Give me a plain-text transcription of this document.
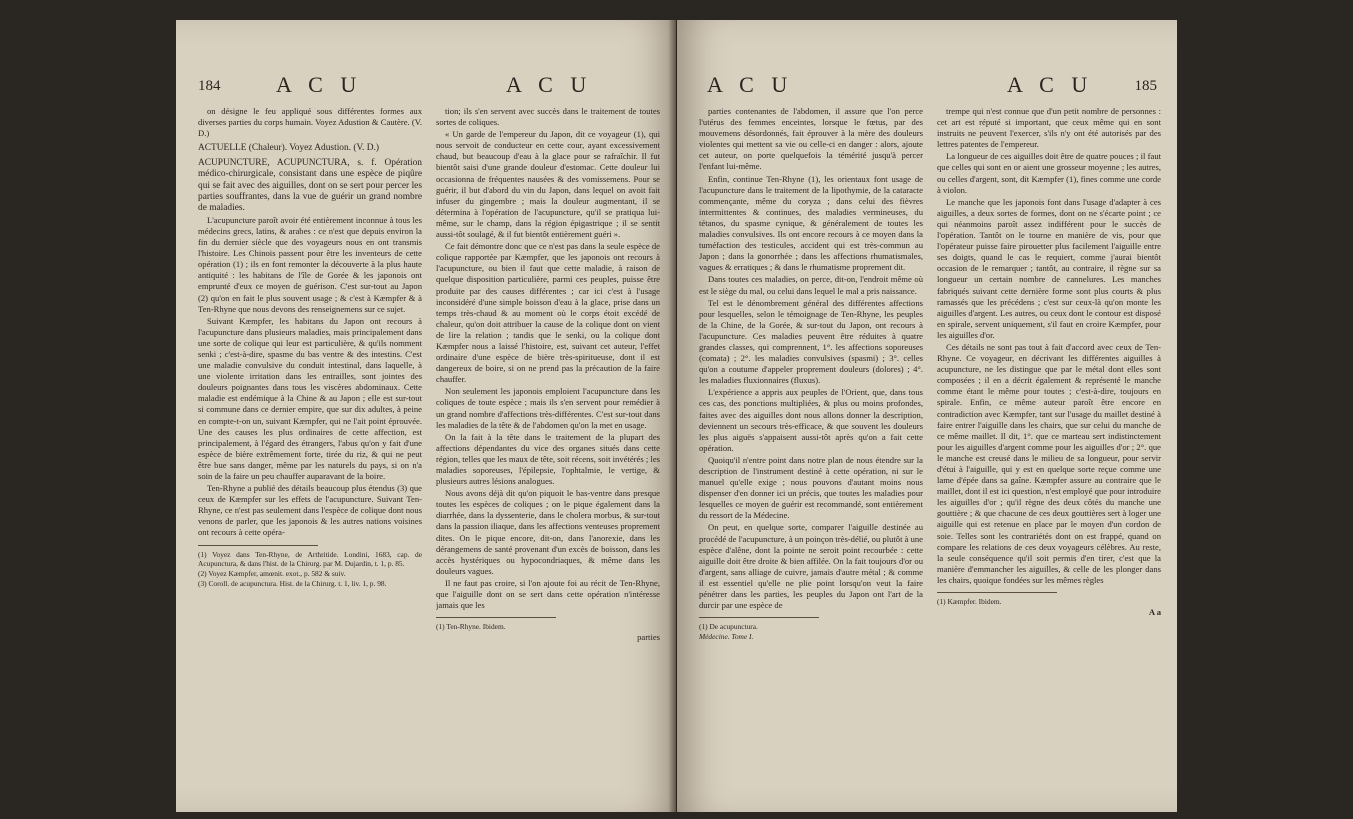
184	A C U	A C U

on désigne le feu appliqué sous différentes formes aux diverses parties du corps humain. Voyez Adustion & Cautère. (V. D.)

ACTUELLE (Chaleur). Voyez Adustion. (V. D.)

ACUPUNCTURE, ACUPUNCTURA, s. f. Opération médico-chirurgicale, consistant dans une espèce de piqûre qui se fait avec des aiguilles, dont on se sert pour percer les parties souffrantes, dans la vue de guérir un grand nombre de maladies.

L'acupuncture paroît avoir été entièrement inconnue à tous les médecins grecs, latins, & arabes : ce n'est que depuis environ la fin du dernier siècle que des voyageurs nous en ont transmis l'histoire. Les Chinois passent pour être les inventeurs de cette opération (1) ; ils en font remonter la découverte à la plus haute antiquité : les habitans de l'île de Gorée & les japonois ont emprunté d'eux ce moyen de guérison. C'est sur-tout au Japon (2) qu'on en fait le plus souvent usage ; & c'est à Kæmpfer & à Ten-Rhyne que nous devons des renseignemens sur ce sujet.

Suivant Kæmpfer, les habitans du Japon ont recours à l'acupuncture dans plusieurs maladies, mais principalement dans une sorte de colique qui leur est particulière, & qu'ils nomment senki ; c'est-à-dire, spasme du bas ventre & des intestins. C'est une maladie convulsive du conduit intestinal, dans laquelle, à une violente irritation dans les entrailles, sont jointes des douleurs poignantes dans tous les viscères abdominaux. Cette maladie est endémique à la Chine & au Japon ; elle est sur-tout si commune dans ce dernier empire, que sur dix adultes, à peine en compte-t-on un, suivant Kæmpfer, qui ne l'ait point éprouvée. Une des causes les plus ordinaires de cette affection, est principalement, à l'égard des étrangers, l'abus qu'on y fait d'une espèce de bière extrêmement forte, tirée du riz, & qui ne peut être bue sans danger, même par les naturels du pays, si on n'a soin de la faire un peu chauffer auparavant de la boire.

Ten-Rhyne a publié des détails beaucoup plus étendus (3) que ceux de Kæmpfer sur les effets de l'acupuncture. Suivant Ten-Rhyne, ce n'est pas seulement dans l'espèce de colique dont nous venons de parler, que les japonois & les autres nations voisines ont recours à cette opéra-

(1) Voyez dans Ten-Rhyne, de Arthritide. Londini, 1683, cap. de Acupunctura, & dans l'hist. de la Chirurg. par M. Dujardin, t. 1, p. 85.

(2) Voyez Kæmpfer, amœnit. exot., p. 582 & suiv.

(3) Coroll. de acupunctura. Hist. de la Chirurg. t. 1, liv. 1, p. 98.

tion; ils s'en servent avec succès dans le traitement de toutes sortes de coliques.

« Un garde de l'empereur du Japon, dit ce voyageur (1), qui nous servoit de conducteur en cette cour, ayant excessivement chaud, but beaucoup d'eau à la glace pour se rafraîchir. Il fut bientôt saisi d'une grande douleur d'estomac. Cette douleur lui occasionna de fréquentes nausées & des vomissemens. Pour se guérir, il but d'abord du vin du Japon, dans lequel on avoit fait infuser du gingembre ; mais la douleur augmentant, il se détermina à l'opération de l'acupuncture, qu'il se pratiqua lui-même, sur le champ, dans la région épigastrique ; il se sentit aussi-tôt soulagé, & il fut bientôt entièrement guéri ».

Ce fait démontre donc que ce n'est pas dans la seule espèce de colique rapportée par Kæmpfer, que les japonois ont recours à l'acupuncture, ou bien il faut que cette maladie, à raison de quelque disposition particulière, parmi ces peuples, puisse être produite par des causes différentes ; car ici c'est à l'usage inconsidéré d'une simple boisson d'eau à la glace, prise dans un temps très-chaud & au moment où le corps étoit excédé de chaleur, qu'on doit attribuer la cause de la colique dont on vient de lire la relation ; tandis que le senki, ou la colique dont Kæmpfer nous a laissé l'histoire, est, suivant cet auteur, l'effet ordinaire d'une espèce de bière très-spiritueuse, dont il est dangereux de boire, si on ne prend pas la précaution de la faire chauffer.

Non seulement les japonois emploient l'acupuncture dans les coliques de toute espèce ; mais ils s'en servent pour remédier à un grand nombre d'affections très-différentes. C'est sur-tout dans les maladies de la tête & de l'abdomen qu'on la met en usage.

On la fait à la tête dans le traitement de la plupart des affections dépendantes du vice des organes situés dans cette région, telles que les maux de tête, soit récens, soit invétérés ; les maladies soporeuses, l'épilepsie, l'ophtalmie, le vertige, & plusieurs autres lésions analogues.

Nous avons déjà dit qu'on piquoit le bas-ventre dans presque toutes les espèces de coliques ; on le pique également dans la diarrhée, dans la dyssenterie, dans le cholera morbus, & sur-tout dans la passion iliaque, dans les affections venteuses proprement dites. On le pique encore, dit-on, dans l'anorexie, dans les dérangemens de santé provenant d'un excès de boisson, dans les accès hystériques ou hypocondriaques, & même dans les douleurs vagues.

Il ne faut pas croire, si l'on ajoute foi au récit de Ten-Rhyne, que l'aiguille dont on se sert dans cette opération n'intéresse jamais que les

(1) Ten-Rhyne. Ibidem.

parties
A C U	A C U	185

parties contenantes de l'abdomen, il assure que l'on perce l'utérus des femmes enceintes, lorsque le fœtus, par des mouvemens désordonnés, fait éprouver à la mère des douleurs violentes qui mettent sa vie ou celle-ci en danger : alors, ajoute cet auteur, on porte quelquefois la témérité jusqu'à percer l'enfant lui-même.

Enfin, continue Ten-Rhyne (1), les orientaux font usage de l'acupuncture dans le traitement de la lipothymie, de la cataracte commençante, même du coryza ; dans celui des fièvres intermittentes & continues, des maladies vermineuses, du tétanos, du spasme cynique, & généralement de toutes les maladies convulsives. Ils ont encore recours à ce moyen dans la tuméfaction des testicules, accident qui est très-commun au Japon ; dans la gonorrhée ; dans les affections rhumatismales, vagues & erratiques ; & dans le rhumatisme proprement dit.

Dans toutes ces maladies, on perce, dit-on, l'endroit même où est le siège du mal, ou celui dans lequel le mal a pris naissance.

Tel est le dénombrement général des différentes affections pour lesquelles, selon le témoignage de Ten-Rhyne, les peuples de la Chine, de la Gorée, & sur-tout du Japon, ont recours à l'acupuncture. Ces maladies peuvent être réduites à quatre grandes classes, qui comprennent, 1°. les affections soporeuses (comata) ; 2°. les maladies convulsives (spasmi) ; 3°. celles qu'on a coutume d'appeler proprement douleurs (dolores) ; 4°. les maladies fluxionnaires (fluxus).

L'expérience a appris aux peuples de l'Orient, que, dans tous ces cas, des ponctions multipliées, & plus ou moins profondes, faites avec des aiguilles dont nous allons donner la description, deviennent un secours très-efficace, & que souvent les douleurs les plus aiguës s'appaisent aussi-tôt après qu'on a fait cette opération.

Quoiqu'il n'entre point dans notre plan de nous étendre sur la description de l'instrument destiné à cette opération, ni sur le manuel qu'elle exige ; nous pouvons d'autant moins nous dispenser d'en donner ici un précis, que toutes les maladies pour lesquelles ce moyen de guérir est recommandé, sont entièrement du ressort de la Médecine.

On peut, en quelque sorte, comparer l'aiguille destinée au procédé de l'acupuncture, à un poinçon très-délié, ou plutôt à une espèce d'alêne, dont la pointe ne seroit point recourbée : cette aiguille doit être droite & bien affilée. On la fait toujours d'or ou d'argent, sans alliage de cuivre, jamais d'autre métal ; & comme il est essentiel qu'elle ne plie point lorsqu'on veut la faire pénétrer dans les parties, les peuples du Japon ont l'art de la durcir par une espèce de

(1) De acupunctura.

Médecine. Tome I.

trempe qui n'est connue que d'un petit nombre de personnes : cet art est réputé si important, que ceux même qui en sont instruits ne peuvent l'exercer, s'ils n'y ont été autorisés par des lettres patentes de l'empereur.

La longueur de ces aiguilles doit être de quatre pouces ; il faut que celles qui sont en or aient une grosseur moyenne ; les autres, ou celles d'argent, sont, dit Kæmpfer (1), fines comme une corde à violon.

Le manche que les japonois font dans l'usage d'adapter à ces aiguilles, a deux sortes de formes, dont on ne s'écarte point ; ce qui néanmoins paroît assez indifférent pour le succès de l'opération. Tantôt on le tourne en manière de vis, pour que l'opérateur puisse faire pirouetter plus facilement l'aiguille entre ses doigts, quand le cas le requiert, comme j'aurai bientôt occasion de le remarquer ; tantôt, au contraire, il règne sur sa longueur un certain nombre de cannelures. Les manches fabriqués suivant cette dernière forme sont plus courts & plus ramassés que les précédens ; c'est sur ceux-là qu'on monte les aiguilles d'argent. Les autres, ou ceux dont le contour est disposé en spirale, servent uniquement, s'il faut en croire Kæmpfer, pour les aiguilles d'or.

Ces détails ne sont pas tout à fait d'accord avec ceux de Ten-Rhyne. Ce voyageur, en décrivant les différentes aiguilles à acupuncture, ne les distingue que par le métal dont elles sont composées ; il en a décrit également & représenté le manche comme étant le même pour toutes ; c'est-à-dire, toujours en spirale. Enfin, ce même auteur paroît être encore en contradiction avec Kæmpfer, tant sur l'usage du maillet destiné à faire entrer l'aiguille dans les chairs, que sur celui du manche de ce même maillet. Il dit, 1°. que ce marteau sert indistinctement pour les aiguilles d'argent comme pour les aiguilles d'or ; 2°. que le manche est creusé dans le milieu de sa longueur, pour servir d'étui à l'aiguille, qui y est en quelque sorte reçue comme une lame d'épée dans sa gaîne. Kæmpfer assure au contraire que le maillet, dont il est ici question, n'est employé que pour introduire les aiguilles d'or ; qu'il règne des deux côtés du manche une gouttière ; & que chacune de ces deux gouttières sert à loger une aiguille qui est retenue en place par le moyen d'un cordon de soie. Telles sont les contrariétés dont on est frappé, quand on compare les relations de ces deux voyageurs célèbres. Au reste, la seule conséquence qu'il soit permis d'en tirer, c'est que la manière d'emmancher les aiguilles, & celle de les plonger dans les chairs, quoique fondées sur les mêmes règles

(1) Kæmpfer. Ibidem.

A a
